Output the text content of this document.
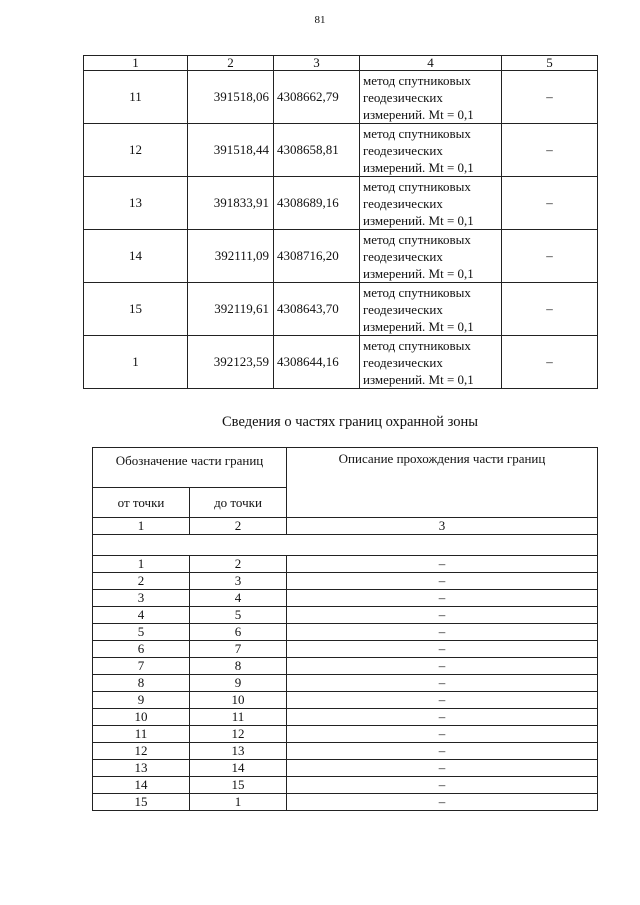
81
1	2	3	4	5
11	391518,06	4308662,79	метод спутниковых
геодезических
измерений. Mt = 0,1	–
12	391518,44	4308658,81	метод спутниковых
геодезических
измерений. Mt = 0,1	–
13	391833,91	4308689,16	метод спутниковых
геодезических
измерений. Mt = 0,1	–
14	392111,09	4308716,20	метод спутниковых
геодезических
измерений. Mt = 0,1	–
15	392119,61	4308643,70	метод спутниковых
геодезических
измерений. Mt = 0,1	–
1	392123,59	4308644,16	метод спутниковых
геодезических
измерений. Mt = 0,1	–
Сведения о частях границ охранной зоны
Обозначение части границ		Описание прохождения части границ
от точки	до точки	
1	2	3

1	2	–
2	3	–
3	4	–
4	5	–
5	6	–
6	7	–
7	8	–
8	9	–
9	10	–
10	11	–
11	12	–
12	13	–
13	14	–
14	15	–
15	1	–
